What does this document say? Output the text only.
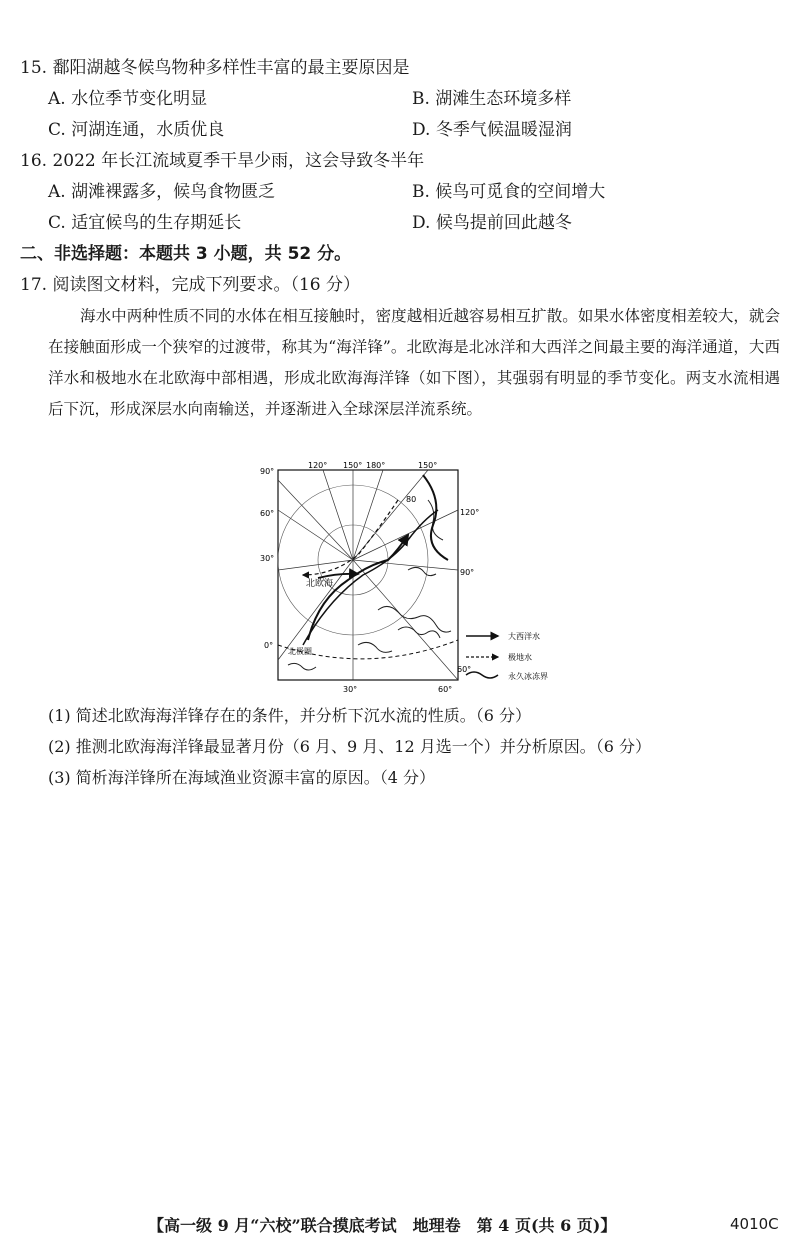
15. 鄱阳湖越冬候鸟物种多样性丰富的最主要原因是
A. 水位季节变化明显	B. 湖滩生态环境多样
C. 河湖连通，水质优良	D. 冬季气候温暖湿润
16. 2022 年长江流域夏季干旱少雨，这会导致冬半年
A. 湖滩裸露多，候鸟食物匮乏	B. 候鸟可觅食的空间增大
C. 适宜候鸟的生存期延长	D. 候鸟提前回此越冬
二、非选择题：本题共 3 小题，共 52 分。
17. 阅读图文材料，完成下列要求。（16 分）
海水中两种性质不同的水体在相互接触时，密度越相近越容易相互扩散。如果水体密度相差较大，就会在接触面形成一个狭窄的过渡带，称其为“海洋锋”。北欧海是北冰洋和大西洋之间最主要的海洋通道，大西洋水和极地水在北欧海中部相遇，形成北欧海海洋锋（如下图），其强弱有明显的季节变化。两支水流相遇后下沉，形成深层水向南输送，并逐渐进入全球深层洋流系统。
120° 150° 180°	150°
120°
90°
90°
60°
30°
0°
30°	60°
60°
北欧海
北极圈
80
大西洋水
极地水
永久冰冻界
(1) 简述北欧海海洋锋存在的条件，并分析下沉水流的性质。（6 分）
(2) 推测北欧海海洋锋最显著月份（6 月、9 月、12 月选一个）并分析原因。（6 分）
(3) 简析海洋锋所在海域渔业资源丰富的原因。（4 分）
【高一级 9 月“六校”联合摸底考试　地理卷　第 4 页(共 6 页)】	4010C
